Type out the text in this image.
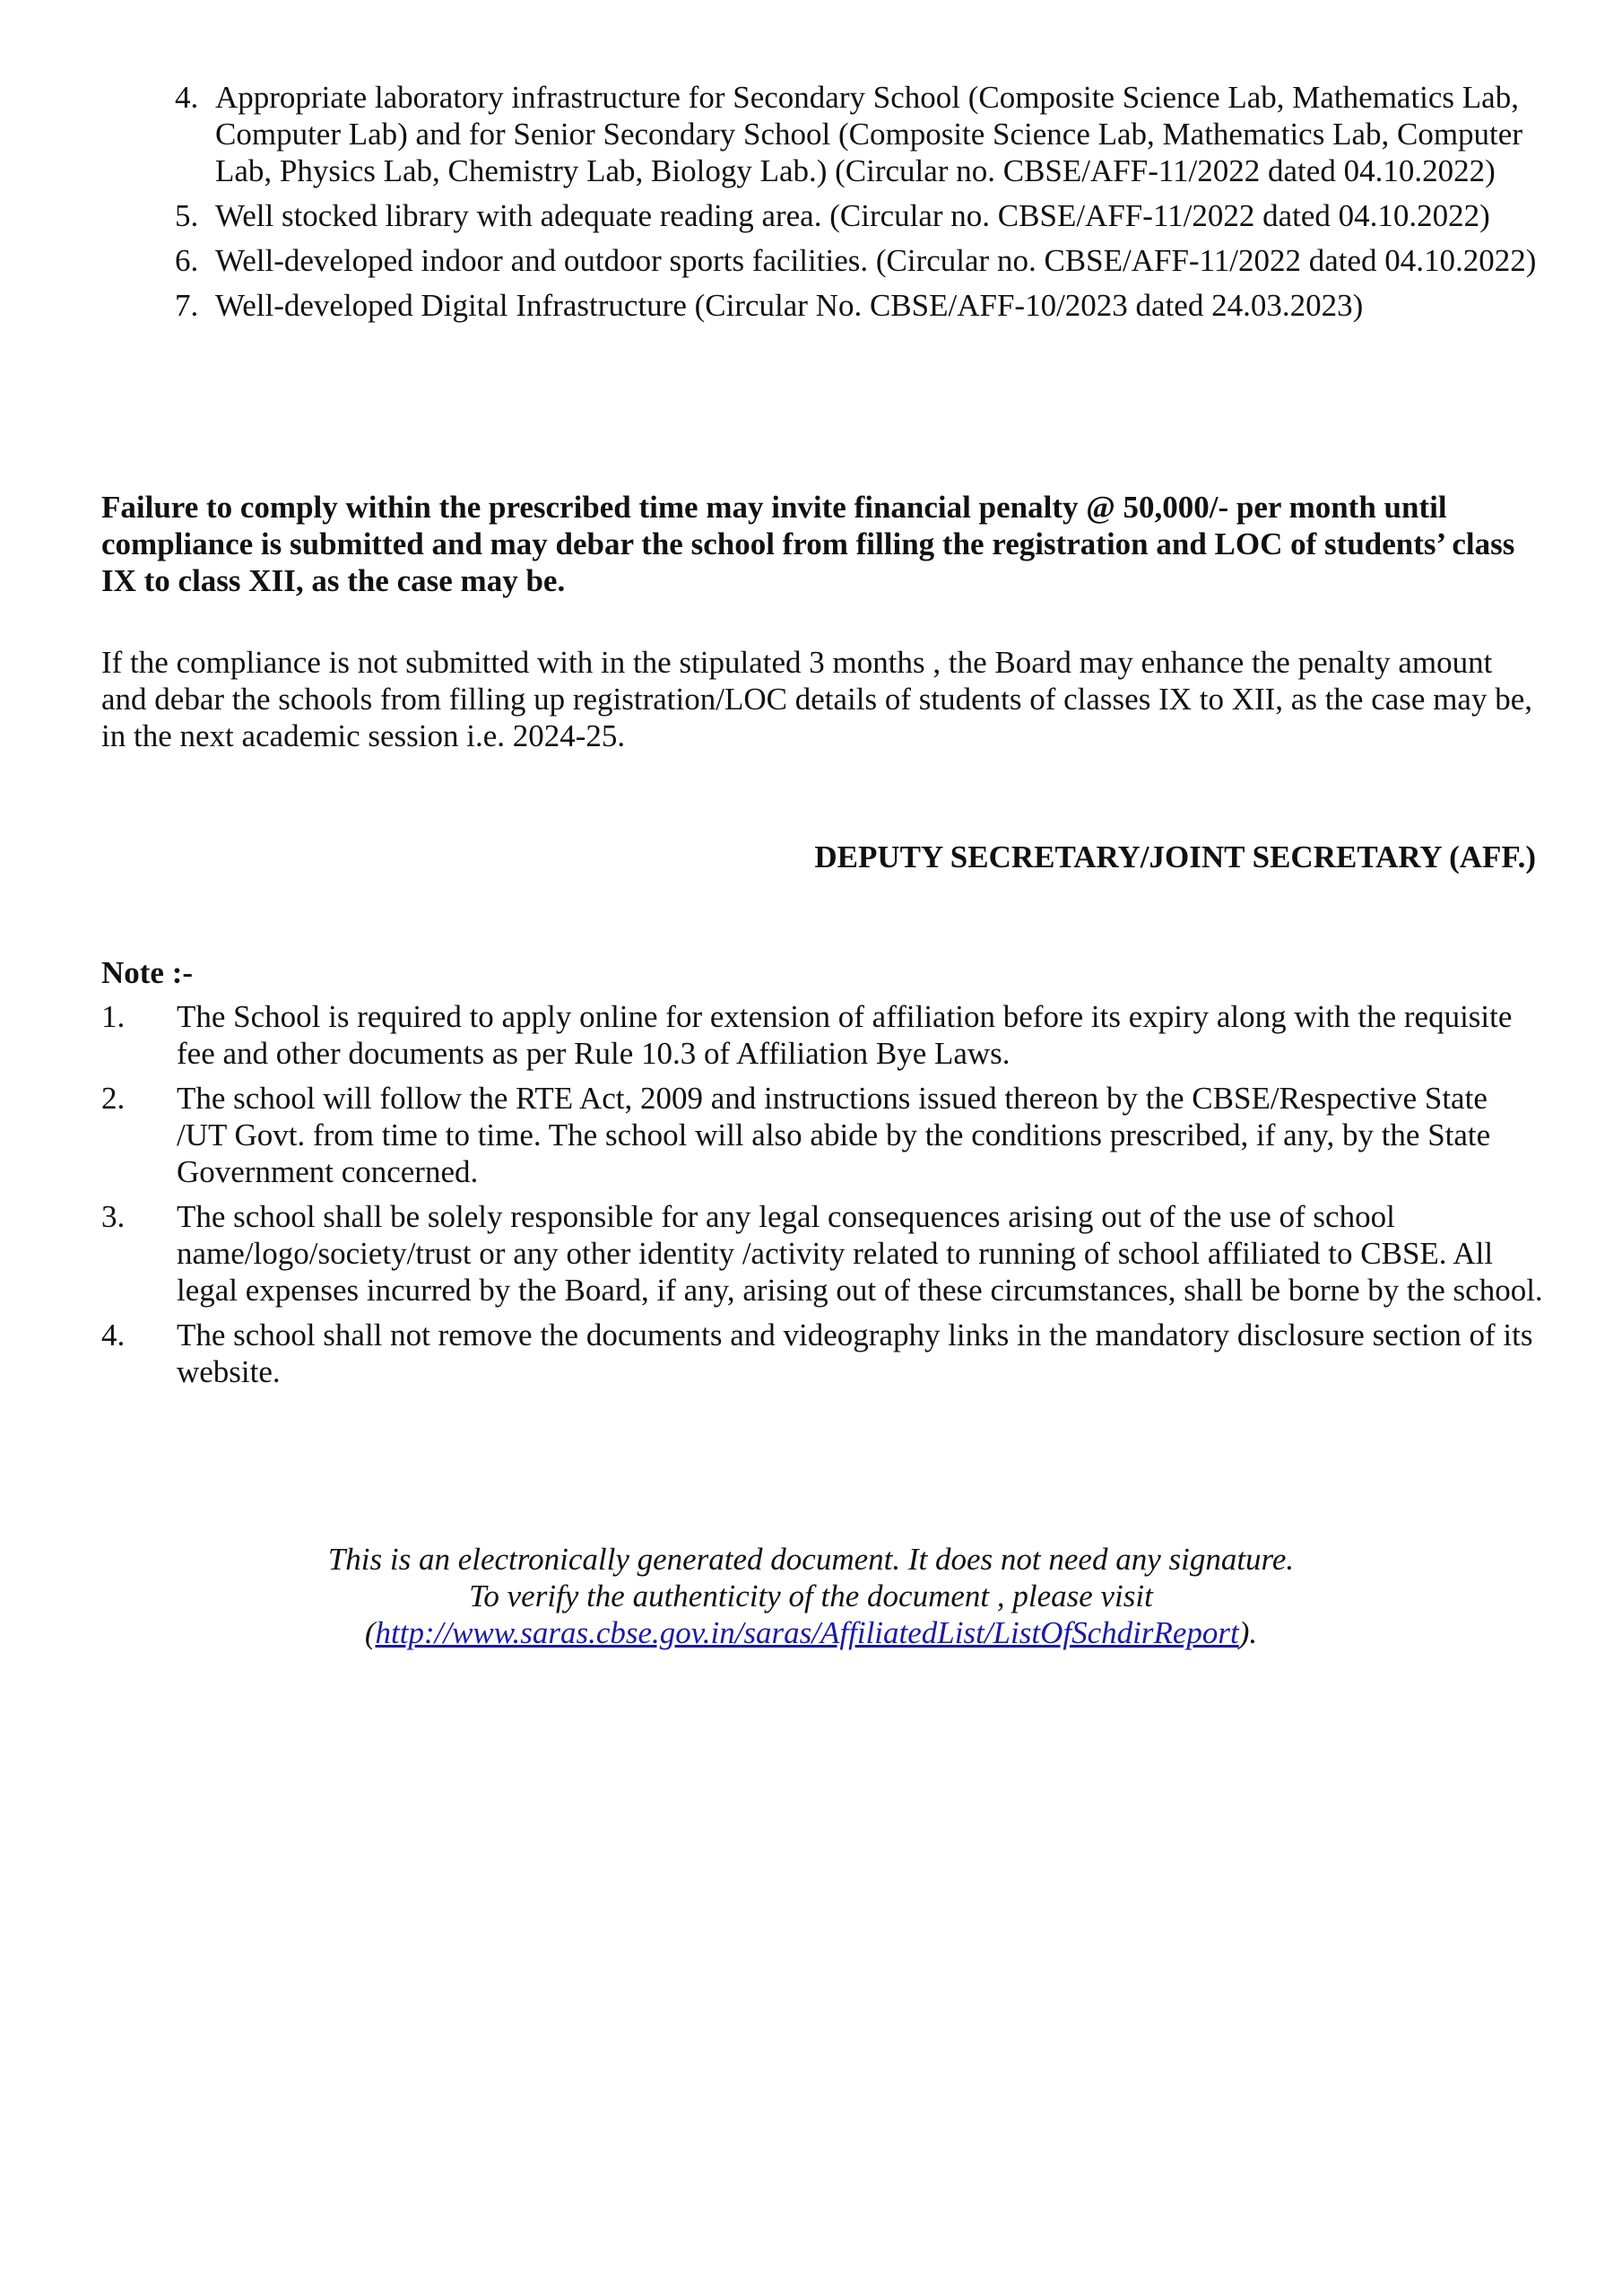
4. Appropriate laboratory infrastructure for Secondary School (Composite Science Lab, Mathematics Lab, Computer Lab) and for Senior Secondary School (Composite Science Lab, Mathematics Lab, Computer Lab, Physics Lab, Chemistry Lab, Biology Lab.) (Circular no. CBSE/AFF-11/2022 dated 04.10.2022)
5. Well stocked library with adequate reading area. (Circular no. CBSE/AFF-11/2022 dated 04.10.2022)
6. Well-developed indoor and outdoor sports facilities. (Circular no. CBSE/AFF-11/2022 dated 04.10.2022)
7. Well-developed Digital Infrastructure (Circular No. CBSE/AFF-10/2023 dated 24.03.2023)

Failure to comply within the prescribed time may invite financial penalty @ 50,000/- per month until compliance is submitted and may debar the school from filling the registration and LOC of students’ class IX to class XII, as the case may be.

If the compliance is not submitted with in the stipulated 3 months , the Board may enhance the penalty amount and debar the schools from filling up registration/LOC details of students of classes IX to XII, as the case may be, in the next academic session i.e. 2024-25.

DEPUTY SECRETARY/JOINT SECRETARY (AFF.)

Note :-

1.	The School is required to apply online for extension of affiliation before its expiry along with the requisite fee and other documents as per Rule 10.3 of Affiliation Bye Laws.
2.	The school will follow the RTE Act, 2009 and instructions issued thereon by the CBSE/Respective State /UT Govt. from time to time. The school will also abide by the conditions prescribed, if any, by the State Government concerned.
3.	The school shall be solely responsible for any legal consequences arising out of the use of school name/logo/society/trust or any other identity /activity related to running of school affiliated to CBSE. All legal expenses incurred by the Board, if any, arising out of these circumstances, shall be borne by the school.
4.	The school shall not remove the documents and videography links in the mandatory disclosure section of its website.
This is an electronically generated document. It does not need any signature.
To verify the authenticity of the document , please visit
(http://www.saras.cbse.gov.in/saras/AffiliatedList/ListOfSchdirReport).
